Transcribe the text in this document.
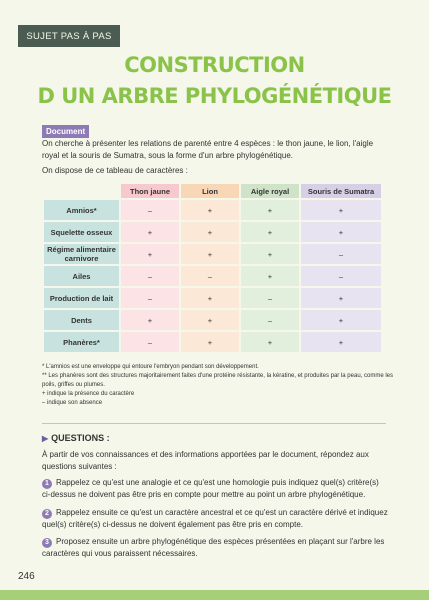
SUJET PAS À PAS
CONSTRUCTION
D UN ARBRE PHYLOGÉNÉTIQUE
Document
On cherche à présenter les relations de parenté entre 4 espèces : le thon jaune, le lion, l'aigle royal et la souris de Sumatra, sous la forme d'un arbre phylogénétique.
On dispose de ce tableau de caractères :
	Thon jaune	Lion	Aigle royal	Souris de Sumatra
Amnios*	–	+	+	+
Squelette osseux	+	+	+	+
Régime alimentaire carnivore	+	+	+	–
Ailes	–	–	+	–
Production de lait	–	+	–	+
Dents	+	+	–	+
Phanères*	–	+	+	+
* L'amnios est une enveloppe qui entoure l'embryon pendant son développement.
** Les phanères sont des structures majoritairement faites d'une protéine résistante, la kératine, et produites par la peau, comme les poils, griffes ou plumes.
+ indique la présence du caractère
– indique son absence
▶ QUESTIONS :
À partir de vos connaissances et des informations apportées par le document, répondez aux questions suivantes :
1 Rappelez ce qu'est une analogie et ce qu'est une homologie puis indiquez quel(s) critère(s) ci-dessus ne doivent pas être pris en compte pour mettre au point un arbre phylogénétique.
2 Rappelez ensuite ce qu'est un caractère ancestral et ce qu'est un caractère dérivé et indiquez quel(s) critère(s) ci-dessus ne doivent également pas être pris en compte.
3 Proposez ensuite un arbre phylogénétique des espèces présentées en plaçant sur l'arbre les caractères qui vous paraissent nécessaires.
246
